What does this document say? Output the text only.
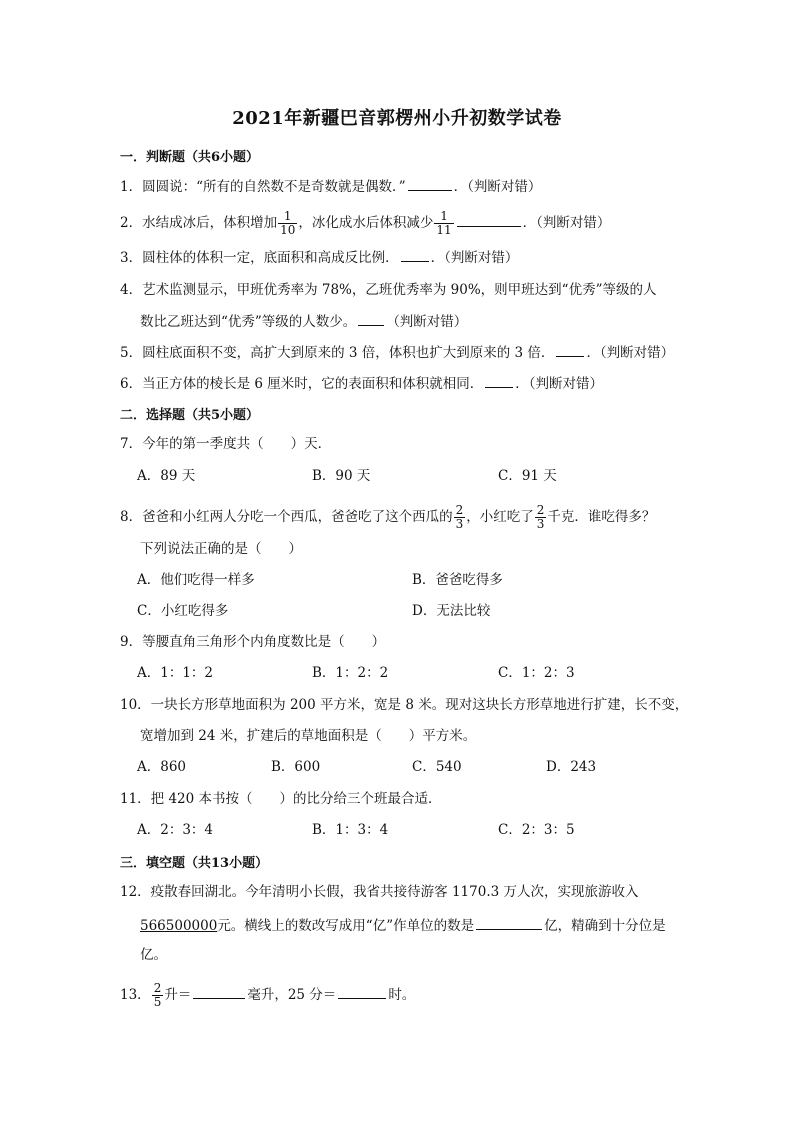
2021年新疆巴音郭楞州小升初数学试卷
一．判断题（共6小题）
1．圆圆说：“所有的自然数不是奇数就是偶数．”	．（判断对错）
2．水结成冰后，体积增加 $\frac{1}{10}$ ，冰化成水后体积减少 $\frac{1}{11}$	．（判断对错）
3．圆柱体的体积一定，底面积和高成反比例． ．（判断对错）
4．艺术监测显示，甲班优秀率为 78%，乙班优秀率为 90%，则甲班达到“优秀”等级的人
数比乙班达到“优秀”等级的人数少。 （判断对错）
5．圆柱底面积不变，高扩大到原来的 3 倍，体积也扩大到原来的 3 倍． ．（判断对错）
6．当正方体的棱长是 6 厘米时，它的表面积和体积就相同． ．（判断对错）
二．选择题（共5小题）
7．今年的第一季度共（　　）天．
A．89 天	B．90 天	C．91 天
8．爸爸和小红两人分吃一个西瓜，爸爸吃了这个西瓜的 $\frac{2}{3}$ ，小红吃了 $\frac{2}{3}$ 千克．谁吃得多？
下列说法正确的是（　　）
A．他们吃得一样多	B．爸爸吃得多
C．小红吃得多	D．无法比较
9．等腰直角三角形个内角度数比是（　　）
A．1：1：2	B．1：2：2	C．1：2：3
10．一块长方形草地面积为 200 平方米，宽是 8 米。现对这块长方形草地进行扩建，长不变，
宽增加到 24 米，扩建后的草地面积是（　　）平方米。
A．860	B．600	C．540	D．243
11．把 420 本书按（　　）的比分给三个班最合适．
A．2：3：4	B．1：3：4	C．2：3：5
三．填空题（共13小题）
12．疫散春回湖北。今年清明小长假，我省共接待游客 1170.3 万人次，实现旅游收入
566500000元。横线上的数改写成用“亿”作单位的数是	亿，精确到十分位是
亿。
13． $\frac{2}{5}$ 升＝	毫升，25 分＝	时。
